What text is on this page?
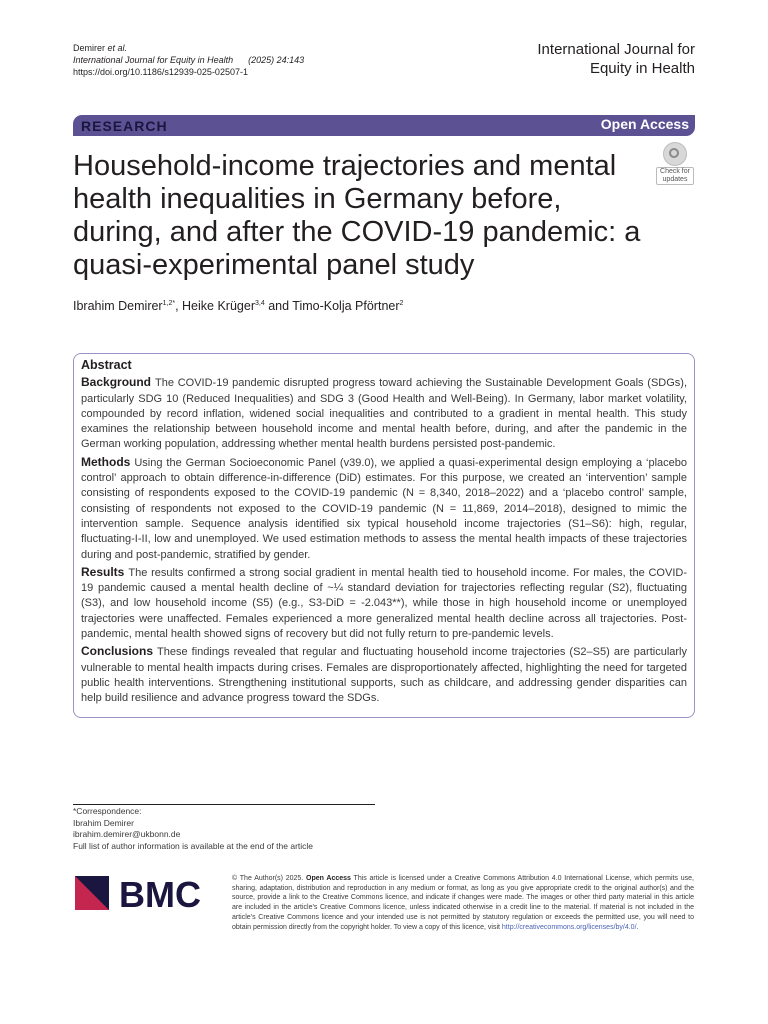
Demirer et al.
International Journal for Equity in Health (2025) 24:143
https://doi.org/10.1186/s12939-025-02507-1
International Journal for
Equity in Health
RESEARCH	Open Access
Household-income trajectories and mental health inequalities in Germany before, during, and after the COVID-19 pandemic: a quasi-experimental panel study
Check for
updates
Ibrahim Demirer$^{1,2*}$, Heike Krüger$^{3,4}$ and Timo-Kolja Pförtner$^2$
Abstract

Background The COVID-19 pandemic disrupted progress toward achieving the Sustainable Development Goals (SDGs), particularly SDG 10 (Reduced Inequalities) and SDG 3 (Good Health and Well-Being). In Germany, labor market volatility, compounded by record inflation, widened social inequalities and contributed to a gradient in mental health. This study examines the relationship between household income and mental health before, during, and after the pandemic in the German working population, addressing whether mental health burdens persisted post-pandemic.

Methods Using the German Socioeconomic Panel (v39.0), we applied a quasi-experimental design employing a ‘placebo control’ approach to obtain difference-in-difference (DiD) estimates. For this purpose, we created an ‘intervention’ sample consisting of respondents exposed to the COVID-19 pandemic (N = 8,340, 2018–2022) and a ‘placebo control’ sample, consisting of respondents not exposed to the COVID-19 pandemic (N = 11,869, 2014–2018), designed to mimic the intervention sample. Sequence analysis identified six typical household income trajectories (S1–S6): high, regular, fluctuating-I-II, low and unemployed. We used estimation methods to assess the mental health impacts of these trajectories during and post-pandemic, stratified by gender.

Results The results confirmed a strong social gradient in mental health tied to household income. For males, the COVID-19 pandemic caused a mental health decline of ~¼ standard deviation for trajectories reflecting regular (S2), fluctuating (S3), and low household income (S5) (e.g., S3-DiD = -2.043**), while those in high household income or unemployed trajectories were unaffected. Females experienced a more generalized mental health decline across all trajectories. Post-pandemic, mental health showed signs of recovery but did not fully return to pre-pandemic levels.

Conclusions These findings revealed that regular and fluctuating household income trajectories (S2–S5) are particularly vulnerable to mental health impacts during crises. Females are disproportionately affected, highlighting the need for targeted public health interventions. Strengthening institutional supports, such as childcare, and addressing gender disparities can help build resilience and advance progress toward the SDGs.

*Correspondence:
Ibrahim Demirer
ibrahim.demirer@ukbonn.de
Full list of author information is available at the end of the article
BMC	© The Author(s) 2025. Open Access This article is licensed under a Creative Commons Attribution 4.0 International License, which permits use, sharing, adaptation, distribution and reproduction in any medium or format, as long as you give appropriate credit to the original author(s) and the source, provide a link to the Creative Commons licence, and indicate if changes were made. The images or other third party material in this article are included in the article’s Creative Commons licence, unless indicated otherwise in a credit line to the material. If material is not included in the article’s Creative Commons licence and your intended use is not permitted by statutory regulation or exceeds the permitted use, you will need to obtain permission directly from the copyright holder. To view a copy of this licence, visit http://creativecommons.org/licenses/by/4.0/.
